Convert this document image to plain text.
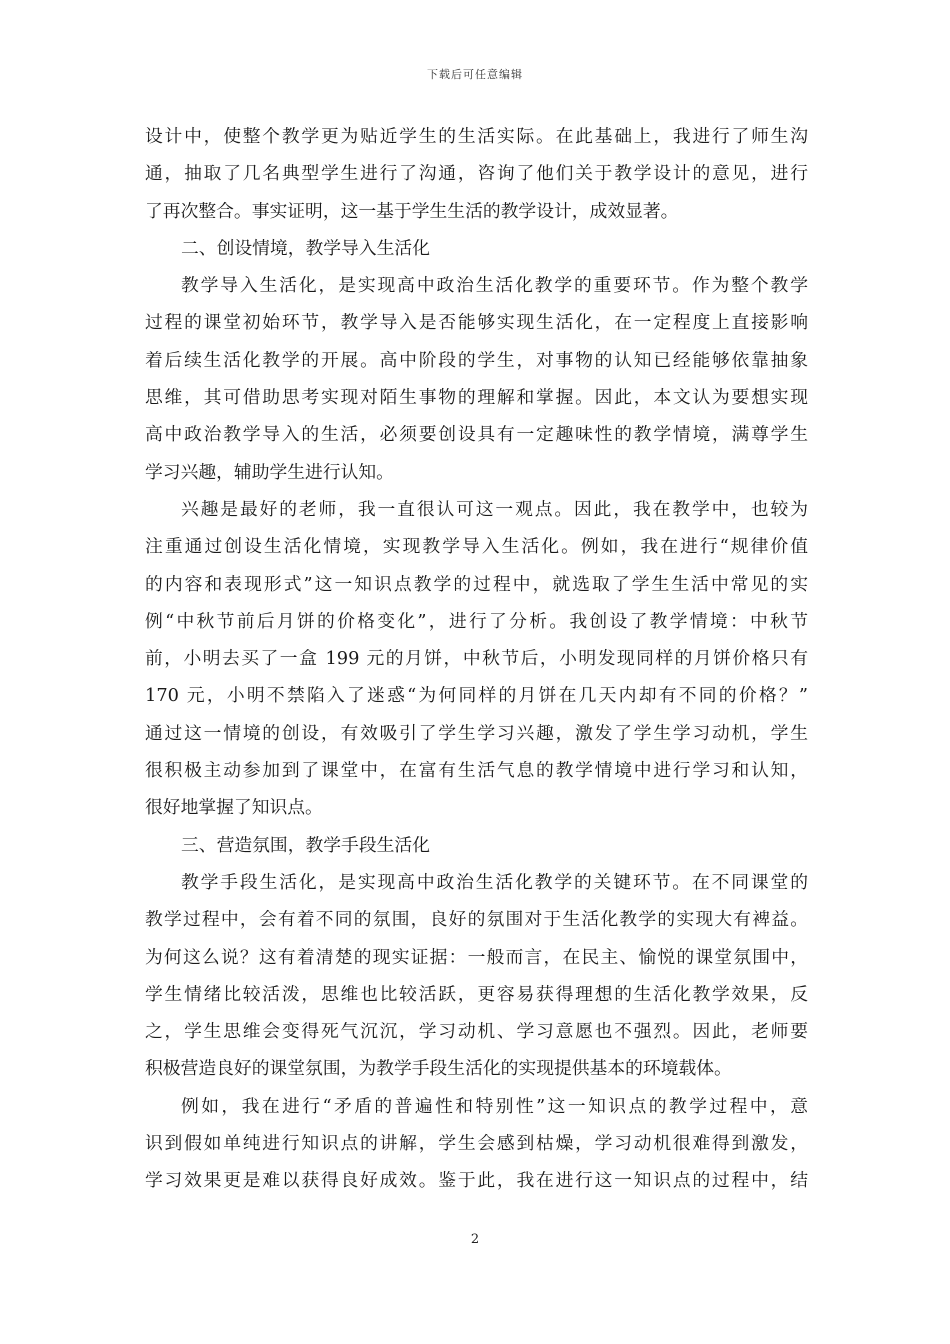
下载后可任意编辑
设计中，使整个教学更为贴近学生的生活实际。在此基础上，我进行了师生沟
通，抽取了几名典型学生进行了沟通，咨询了他们关于教学设计的意见，进行
了再次整合。事实证明，这一基于学生生活的教学设计，成效显著。
二、创设情境，教学导入生活化
教学导入生活化，是实现高中政治生活化教学的重要环节。作为整个教学
过程的课堂初始环节，教学导入是否能够实现生活化，在一定程度上直接影响
着后续生活化教学的开展。高中阶段的学生，对事物的认知已经能够依靠抽象
思维，其可借助思考实现对陌生事物的理解和掌握。因此，本文认为要想实现
高中政治教学导入的生活，必须要创设具有一定趣味性的教学情境，满尊学生
学习兴趣，辅助学生进行认知。
兴趣是最好的老师，我一直很认可这一观点。因此，我在教学中，也较为
注重通过创设生活化情境，实现教学导入生活化。例如，我在进行“规律价值
的内容和表现形式”这一知识点教学的过程中，就选取了学生生活中常见的实
例“中秋节前后月饼的价格变化”，进行了分析。我创设了教学情境：中秋节
前，小明去买了一盒 199 元的月饼，中秋节后，小明发现同样的月饼价格只有
170 元，小明不禁陷入了迷惑“为何同样的月饼在几天内却有不同的价格？”
通过这一情境的创设，有效吸引了学生学习兴趣，激发了学生学习动机，学生
很积极主动参加到了课堂中，在富有生活气息的教学情境中进行学习和认知，
很好地掌握了知识点。
三、营造氛围，教学手段生活化
教学手段生活化，是实现高中政治生活化教学的关键环节。在不同课堂的
教学过程中，会有着不同的氛围，良好的氛围对于生活化教学的实现大有裨益。
为何这么说？这有着清楚的现实证据：一般而言，在民主、愉悦的课堂氛围中，
学生情绪比较活泼，思维也比较活跃，更容易获得理想的生活化教学效果，反
之，学生思维会变得死气沉沉，学习动机、学习意愿也不强烈。因此，老师要
积极营造良好的课堂氛围，为教学手段生活化的实现提供基本的环境载体。
例如，我在进行“矛盾的普遍性和特别性”这一知识点的教学过程中，意
识到假如单纯进行知识点的讲解，学生会感到枯燥，学习动机很难得到激发，
学习效果更是难以获得良好成效。鉴于此，我在进行这一知识点的过程中，结
2
